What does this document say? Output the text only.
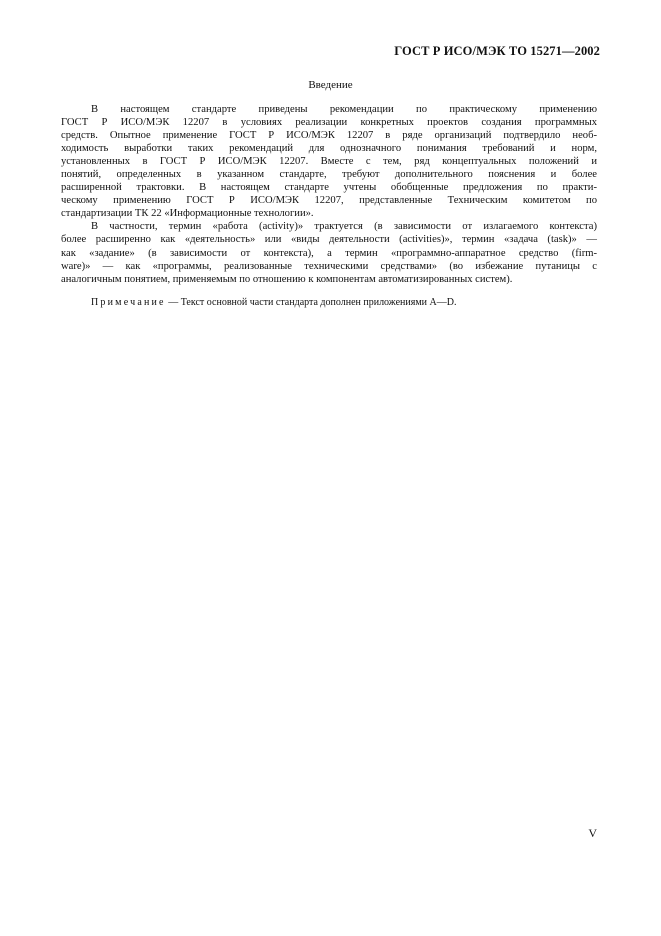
ГОСТ Р ИСО/МЭК ТО 15271—2002
Введение
В настоящем стандарте приведены рекомендации по практическому применению
ГОСТ Р ИСО/МЭК 12207 в условиях реализации конкретных проектов создания программных
средств. Опытное применение ГОСТ Р ИСО/МЭК 12207 в ряде организаций подтвердило необ-
ходимость выработки таких рекомендаций для однозначного понимания требований и норм,
установленных в ГОСТ Р ИСО/МЭК 12207. Вместе с тем, ряд концептуальных положений и
понятий, определенных в указанном стандарте, требуют дополнительного пояснения и более
расширенной трактовки. В настоящем стандарте учтены обобщенные предложения по практи-
ческому применению ГОСТ Р ИСО/МЭК 12207, представленные Техническим комитетом по
стандартизации ТК 22 «Информационные технологии».
В частности, термин «работа (activity)» трактуется (в зависимости от излагаемого контекста)
более расширенно как «деятельность» или «виды деятельности (activities)», термин «задача (task)» —
как «задание» (в зависимости от контекста), а термин «программно-аппаратное средство (firm-
ware)» — как «программы, реализованные техническими средствами» (во избежание путаницы с
аналогичным понятием, применяемым по отношению к компонентам автоматизированных систем).
Примечание — Текст основной части стандарта дополнен приложениями А—D.
V
